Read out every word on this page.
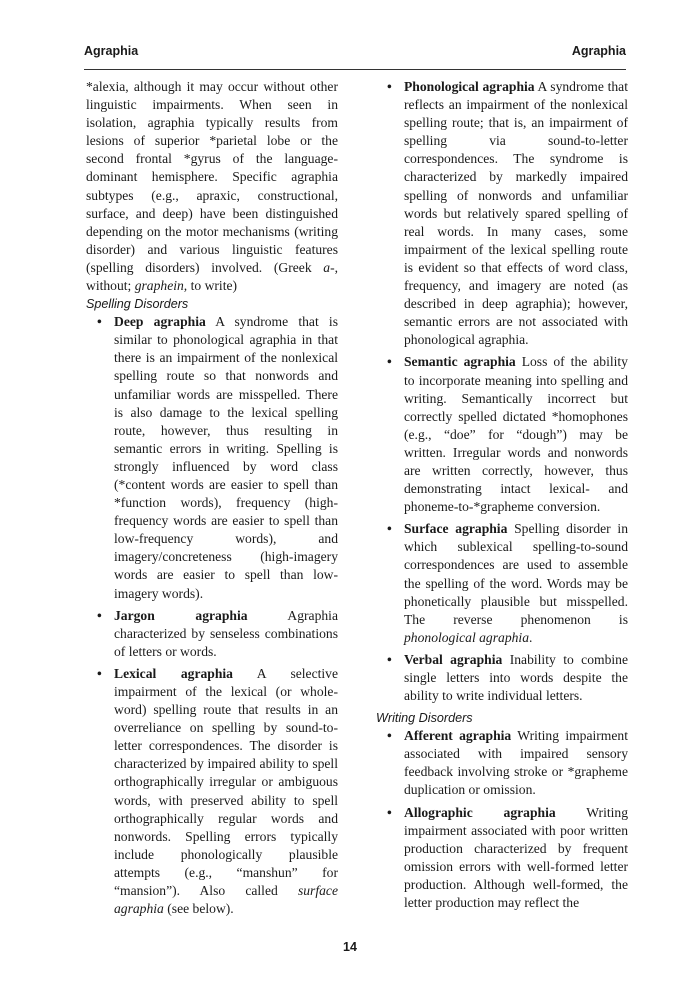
Agraphia	Agraphia

*alexia, although it may occur without other linguistic impairments. When seen in isolation, agraphia typically results from lesions of superior *parietal lobe or the second frontal *gyrus of the language-dominant hemisphere. Specific agraphia subtypes (e.g., apraxic, constructional, surface, and deep) have been distinguished depending on the motor mechanisms (writing disorder) and various linguistic features (spelling disorders) involved. (Greek a-, without; graphein, to write)

Spelling Disorders

• Deep agraphia A syndrome that is similar to phonological agraphia in that there is an impairment of the nonlexical spelling route so that nonwords and unfamiliar words are misspelled. There is also damage to the lexical spelling route, however, thus resulting in semantic errors in writing. Spelling is strongly influenced by word class (*content words are easier to spell than *function words), frequency (high-frequency words are easier to spell than low-frequency words), and imagery/concreteness (high-imagery words are easier to spell than low-imagery words).
• Jargon agraphia Agraphia characterized by senseless combinations of letters or words.
• Lexical agraphia A selective impairment of the lexical (or whole-word) spelling route that results in an overreliance on spelling by sound-to-letter correspondences. The disorder is characterized by impaired ability to spell orthographically irregular or ambiguous words, with preserved ability to spell orthographically regular words and nonwords. Spelling errors typically include phonologically plausible attempts (e.g., “manshun” for “mansion”). Also called surface agraphia (see below).
• Phonological agraphia A syndrome that reflects an impairment of the nonlexical spelling route; that is, an impairment of spelling via sound-to-letter correspondences. The syndrome is characterized by markedly impaired spelling of nonwords and unfamiliar words but relatively spared spelling of real words. In many cases, some impairment of the lexical spelling route is evident so that effects of word class, frequency, and imagery are noted (as described in deep agraphia); however, semantic errors are not associated with phonological agraphia.
• Semantic agraphia Loss of the ability to incorporate meaning into spelling and writing. Semantically incorrect but correctly spelled dictated *homophones (e.g., “doe” for “dough”) may be written. Irregular words and nonwords are written correctly, however, thus demonstrating intact lexical- and phoneme-to-*grapheme conversion.
• Surface agraphia Spelling disorder in which sublexical spelling-to-sound correspondences are used to assemble the spelling of the word. Words may be phonetically plausible but misspelled. The reverse phenomenon is phonological agraphia.
• Verbal agraphia Inability to combine single letters into words despite the ability to write individual letters.

Writing Disorders

• Afferent agraphia Writing impairment associated with impaired sensory feedback involving stroke or *grapheme duplication or omission.
• Allographic agraphia Writing impairment associated with poor written production characterized by frequent omission errors with well-formed letter production. Although well-formed, the letter production may reflect the
14
